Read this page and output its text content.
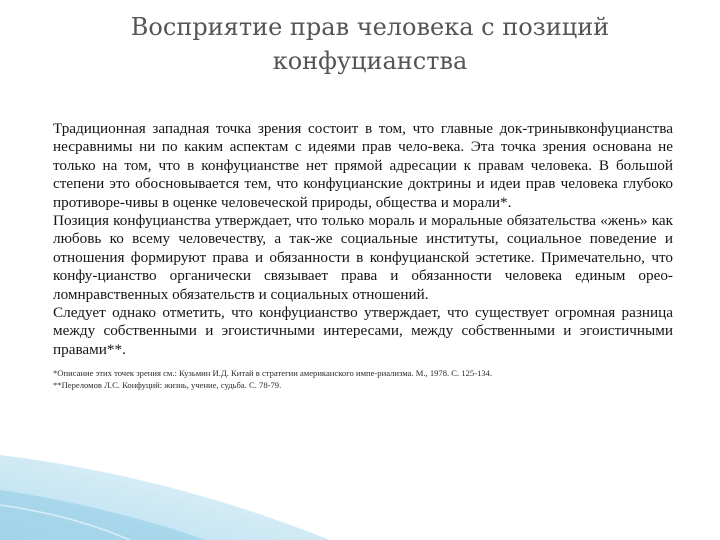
Восприятие прав человека с позиций
конфуцианства

Традиционная западная точка зрения состоит в том, что главные док-тринывконфуцианства несравнимы ни по каким аспектам с идеями прав чело-века. Эта точка зрения основана не только на том, что в конфуцианстве нет прямой адресации к правам человека. В большой степени это обосновывается тем, что конфуцианские доктрины и идеи прав человека глубоко противоре-чивы в оценке человеческой природы, общества и морали*.

Позиция конфуцианства утверждает, что только мораль и моральные обязательства «жень» как любовь ко всему человечеству, а так-же социальные институты, социальное поведение и отношения формируют права и обязанности в конфуцианской эстетике. Примечательно, что конфу-цианство органически связывает права и обязанности человека единым орео-ломнравственных обязательств и социальных отношений.

Следует однако отметить, что конфуцианство утверждает, что существует огромная разница между собственными и эгоистичными интересами, между собственными и эгоистичными правами**.

*Описание этих точек зрения см.: Кузьмин И.Д. Китай в стратегии американского импе-риализма. М., 1978. С. 125-134.

**Переломов Л.С. Конфуций: жизнь, учение, судьба. С. 78-79.
